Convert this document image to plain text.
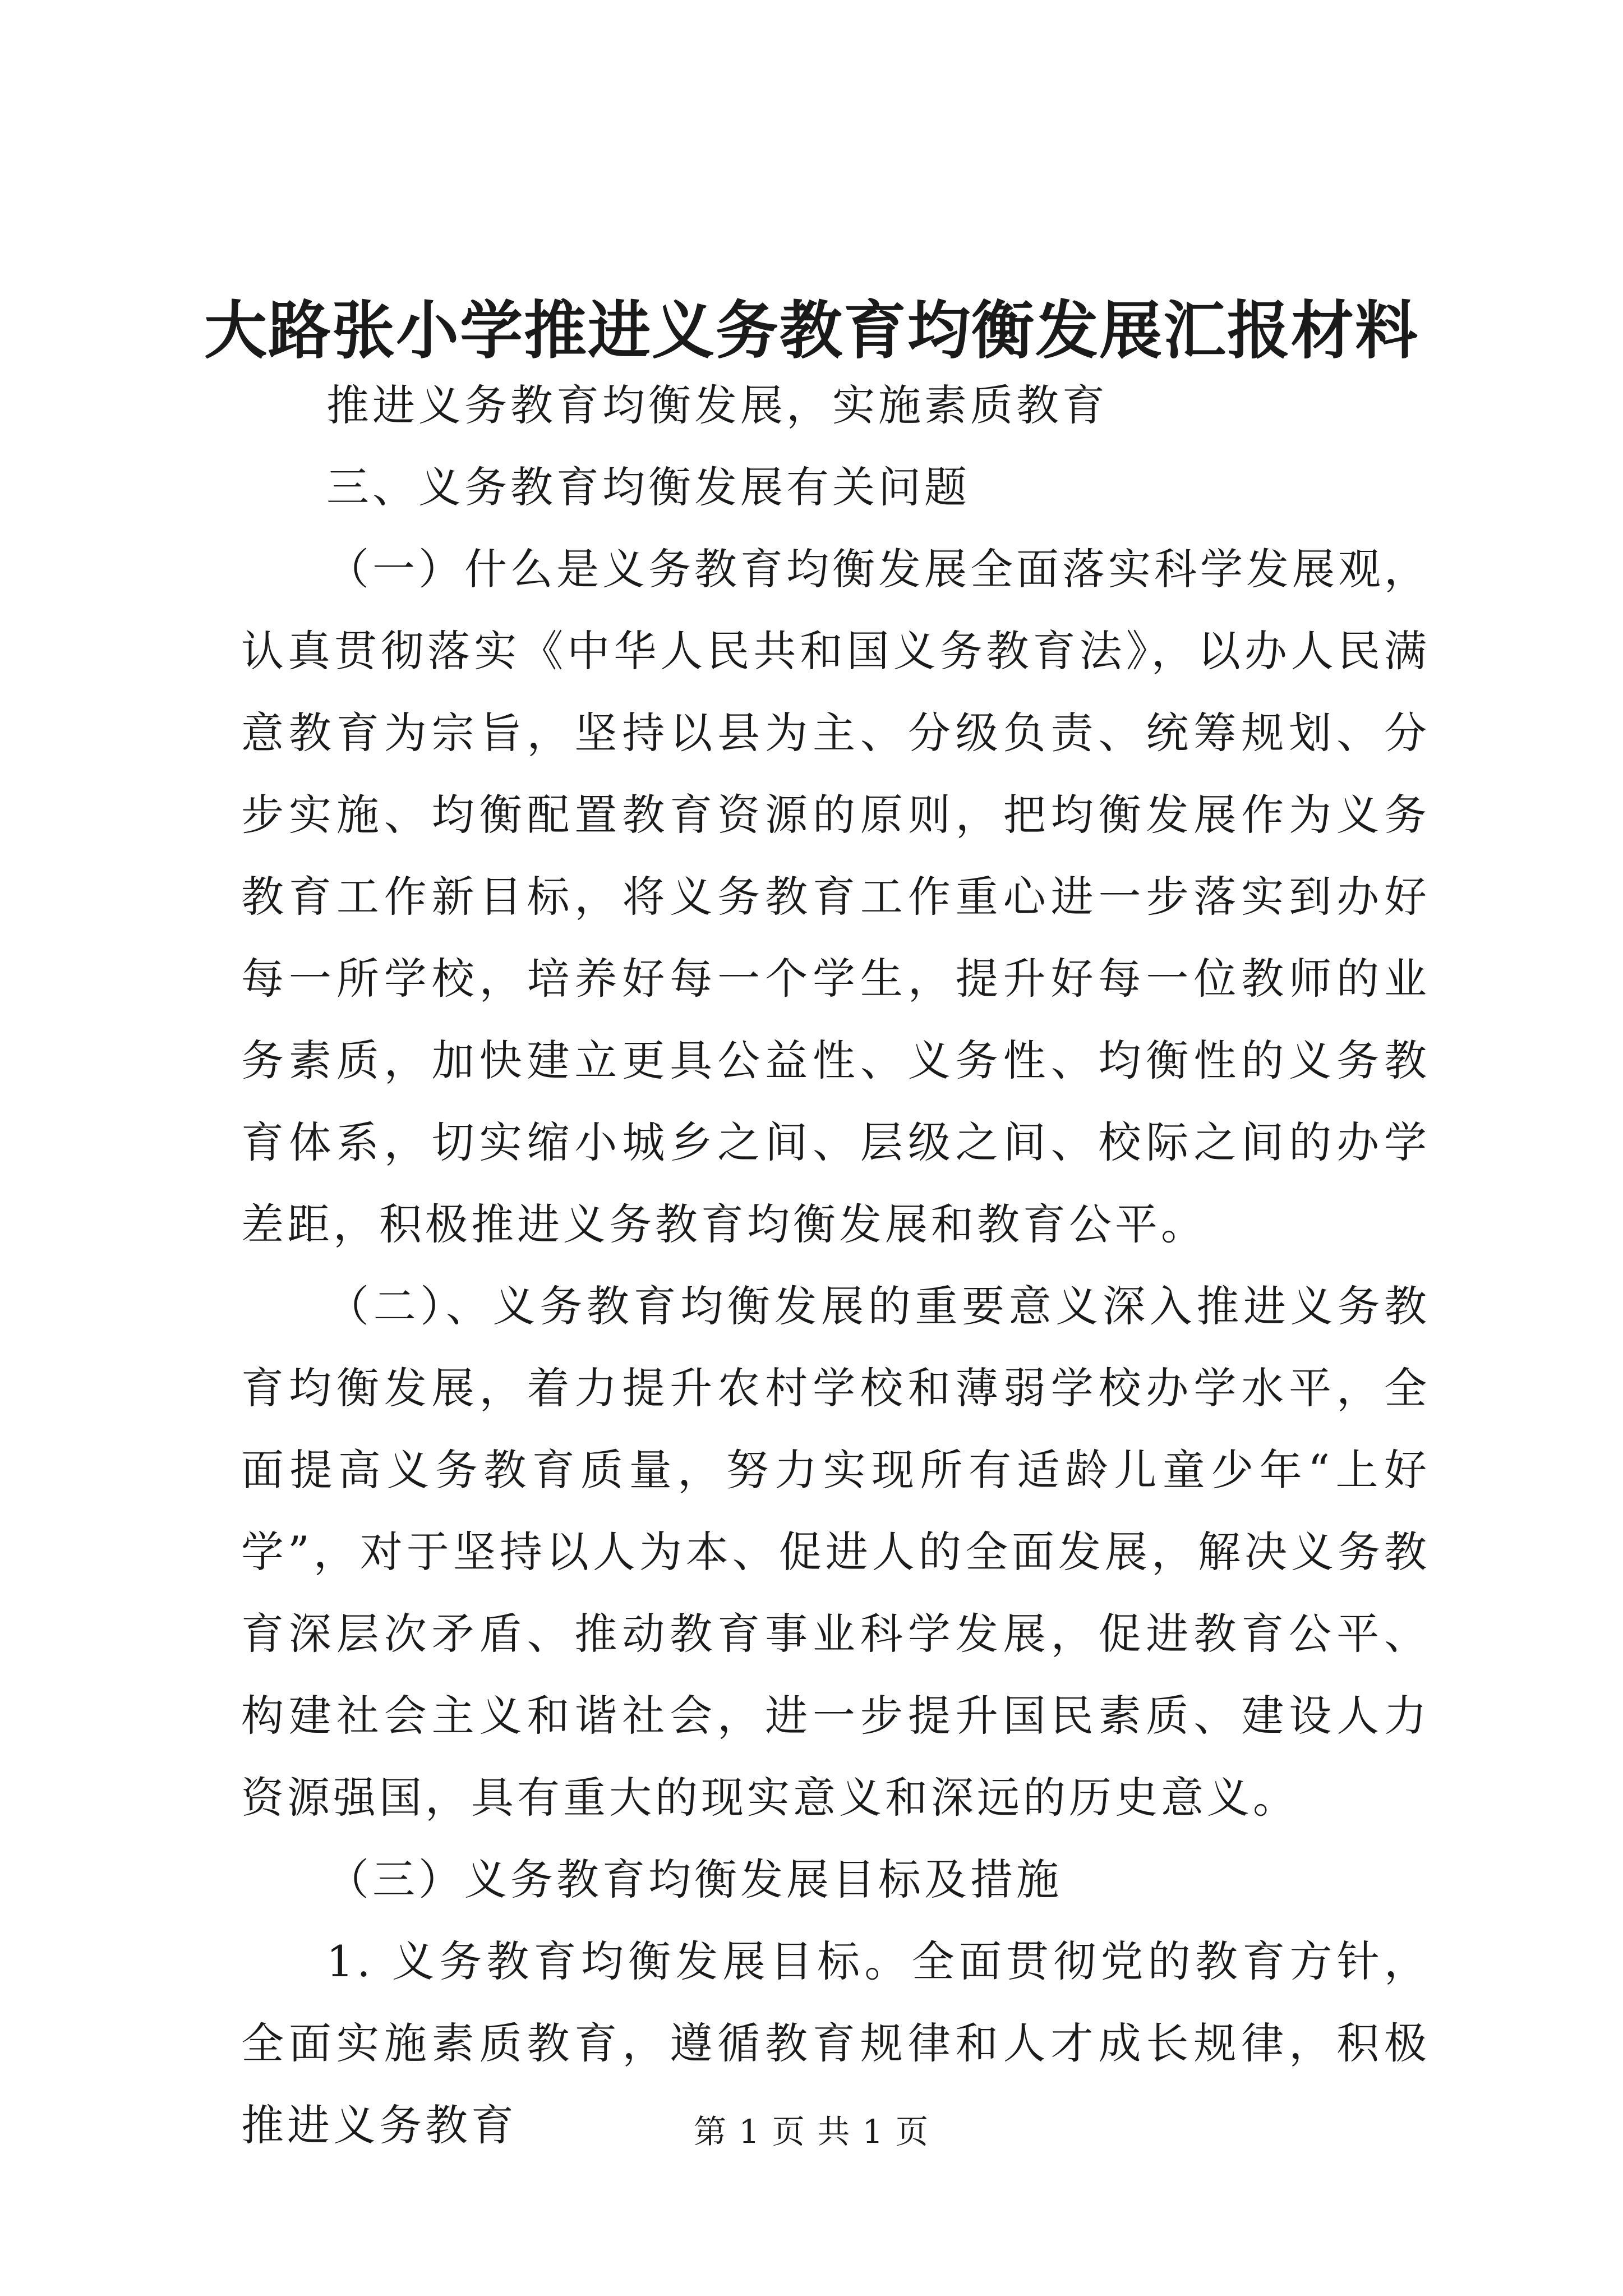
大路张小学推进义务教育均衡发展汇报材料

推进义务教育均衡发展，实施素质教育

三、义务教育均衡发展有关问题

（一）什么是义务教育均衡发展全面落实科学发展观，认真贯彻落实《中华人民共和国义务教育法》，以办人民满意教育为宗旨，坚持以县为主、分级负责、统筹规划、分步实施、均衡配置教育资源的原则，把均衡发展作为义务教育工作新目标，将义务教育工作重心进一步落实到办好每一所学校，培养好每一个学生，提升好每一位教师的业务素质，加快建立更具公益性、义务性、均衡性的义务教育体系，切实缩小城乡之间、层级之间、校际之间的办学差距，积极推进义务教育均衡发展和教育公平。

（二）、义务教育均衡发展的重要意义深入推进义务教育均衡发展，着力提升农村学校和薄弱学校办学水平，全面提高义务教育质量，努力实现所有适龄儿童少年“上好学”，对于坚持以人为本、促进人的全面发展，解决义务教育深层次矛盾、推动教育事业科学发展，促进教育公平、构建社会主义和谐社会，进一步提升国民素质、建设人力资源强国，具有重大的现实意义和深远的历史意义。

（三）义务教育均衡发展目标及措施

1. 义务教育均衡发展目标。全面贯彻党的教育方针，全面实施素质教育，遵循教育规律和人才成长规律，积极推进义务教育	第 1 页 共 1 页
